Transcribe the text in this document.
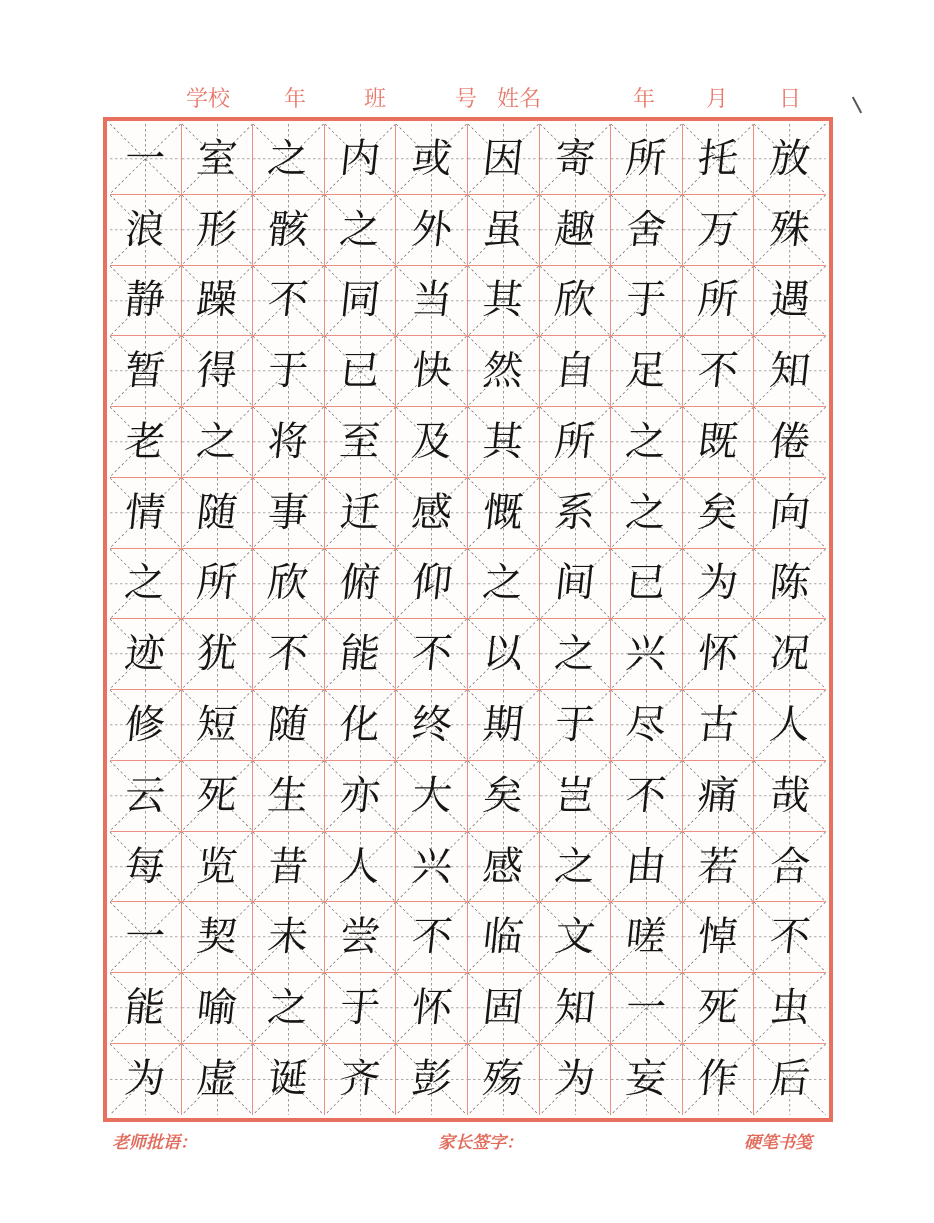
学校 年	班	号 姓名	年 月 日
一 室 之 内 或 因 寄 所 托 放
浪 形 骸 之 外 虽 趣 舍 万 殊
静 躁 不 同 当 其 欣 于 所 遇
暂 得 于 已 快 然 自 足 不 知
老 之 将 至 及 其 所 之 既 倦
情 随 事 迁 感 慨 系 之 矣 向
之 所 欣 俯 仰 之 间 已 为 陈
迹 犹 不 能 不 以 之 兴 怀 况
修 短 随 化 终 期 于 尽 古 人
云 死 生 亦 大 矣 岂 不 痛 哉
每 览 昔 人 兴 感 之 由 若 合
一 契 未 尝 不 临 文 嗟 悼 不
能 喻 之 于 怀 固 知 一 死 虫
为 虚 诞 齐 彭 殇 为 妄 作 后
老师批语：	家长签字：	硬笔书笺
